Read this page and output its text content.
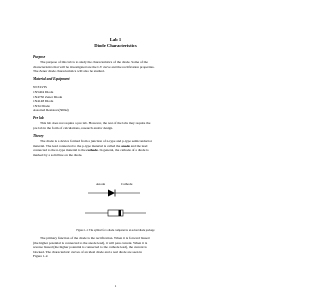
Lab 1
Diode Characteristics
Purpose
The purpose of this lab is to study the characteristics of the diode. Some of the
characteristics that will be investigated are the I-V curve and the rectification properties.
The Zener diode characteristics will also be studied.
Material and Equipment
NI ELVIS
1N5404 Diode
1N4730 Zener Diode
1N4148 Diode
1N34 Diode
Assorted Resistors(500Ω)
Pre lab
This lab does not require a pre lab. However, the rest of the labs may require the
pre lab in the form of calculations, research and/or design.
Theory
The diode is a device formed from a junction of n-type and p-type semiconductor
material. The lead connected to the p-type material is called the anode and the lead
connected to the n-type material is the cathode. In general, the cathode of a diode is
marked by a solid line on the diode.
Anode	Cathode
Figure 1-1: The symbol for a diode compared to an actual diode package
The primary function of the diode is the rectification. When it is forward biased
(the higher potential is connected to the anode lead), it will pass current. When it is
reverse biased (the higher potential is connected to the cathode lead), the current is
blocked. The characteristic curves of an ideal diode and a real diode are seen in
Figure 1-2.
1
